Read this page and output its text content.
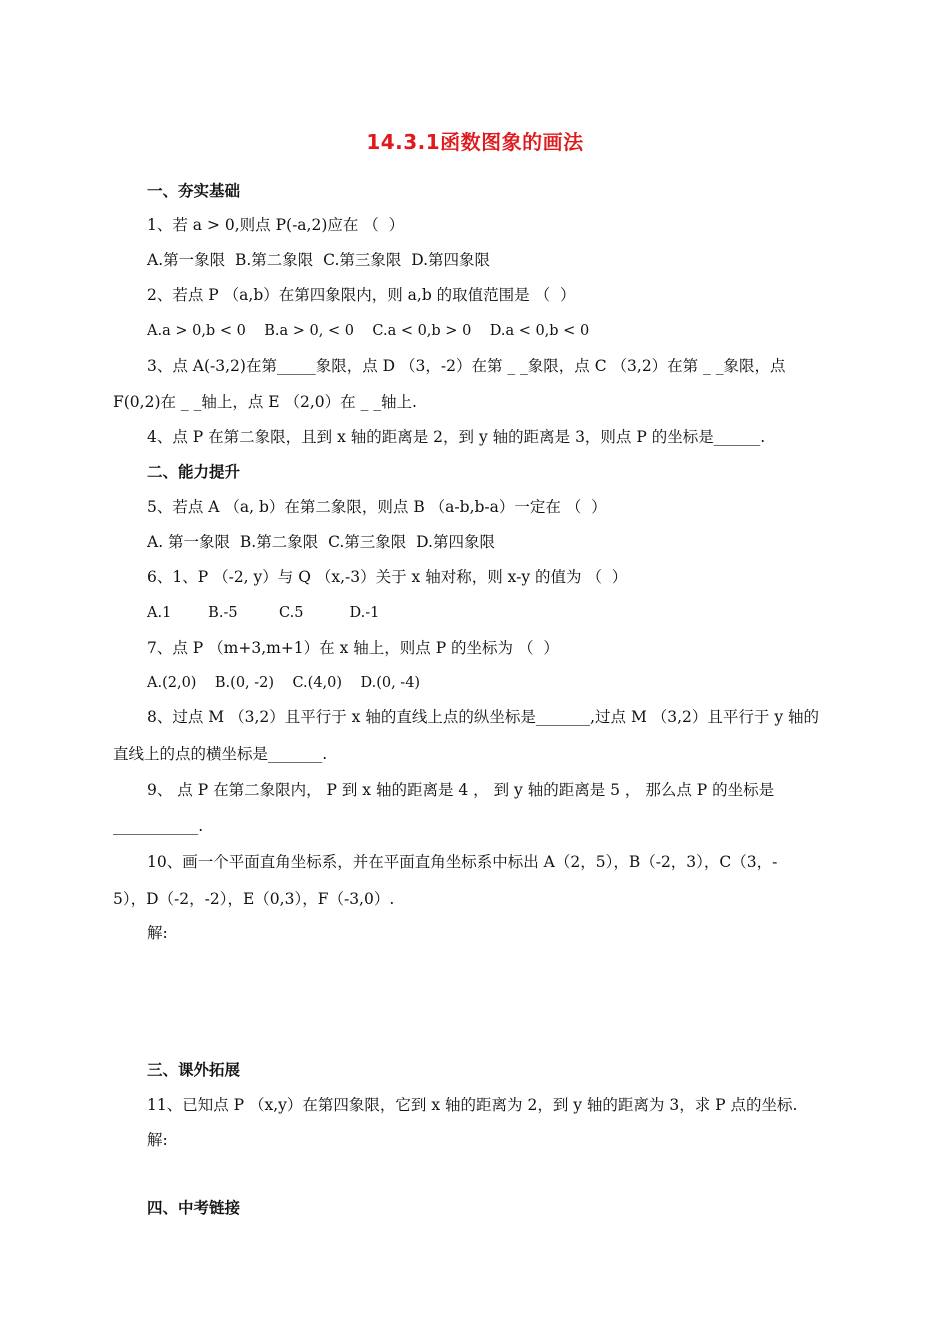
14.3.1函数图象的画法
一、夯实基础
1、若 a > 0,则点 P(-a,2)应在 （  ）
A.第一象限  B.第二象限  C.第三象限  D.第四象限
2、若点 P （a,b）在第四象限内，则 a,b 的取值范围是 （  ）
A.a > 0,b < 0    B.a > 0, < 0    C.a < 0,b > 0    D.a < 0,b < 0
3、点 A(-3,2)在第_____象限，点 D （3，-2）在第 _ _象限，点 C （3,2）在第 _ _象限，点
F(0,2)在 _ _轴上，点 E （2,0）在 _ _轴上.
4、点 P 在第二象限，且到 x 轴的距离是 2，到 y 轴的距离是 3，则点 P 的坐标是______.
二、能力提升
5、若点 A （a, b）在第二象限，则点 B （a-b,b-a）一定在 （  ）
A. 第一象限  B.第二象限  C.第三象限  D.第四象限
6、1、P （-2, y）与 Q （x,-3）关于 x 轴对称，则 x-y 的值为 （  ）
A.1        B.-5         C.5          D.-1
7、点 P （m+3,m+1）在 x 轴上，则点 P 的坐标为 （  ）
A.(2,0)    B.(0, -2)    C.(4,0)    D.(0, -4)
8、过点 M （3,2）且平行于 x 轴的直线上点的纵坐标是_______,过点 M （3,2）且平行于 y 轴的
直线上的点的横坐标是_______.
9、 点 P 在第二象限内， P 到 x 轴的距离是 4 ， 到 y 轴的距离是 5 ， 那么点 P 的坐标是
___________.
10、画一个平面直角坐标系，并在平面直角坐标系中标出 A（2，5），B（-2，3），C（3，-
5），D（-2，-2），E（0,3），F（-3,0）.
解:
三、课外拓展
11、已知点 P （x,y）在第四象限，它到 x 轴的距离为 2，到 y 轴的距离为 3，求 P 点的坐标.
解:
四、中考链接
